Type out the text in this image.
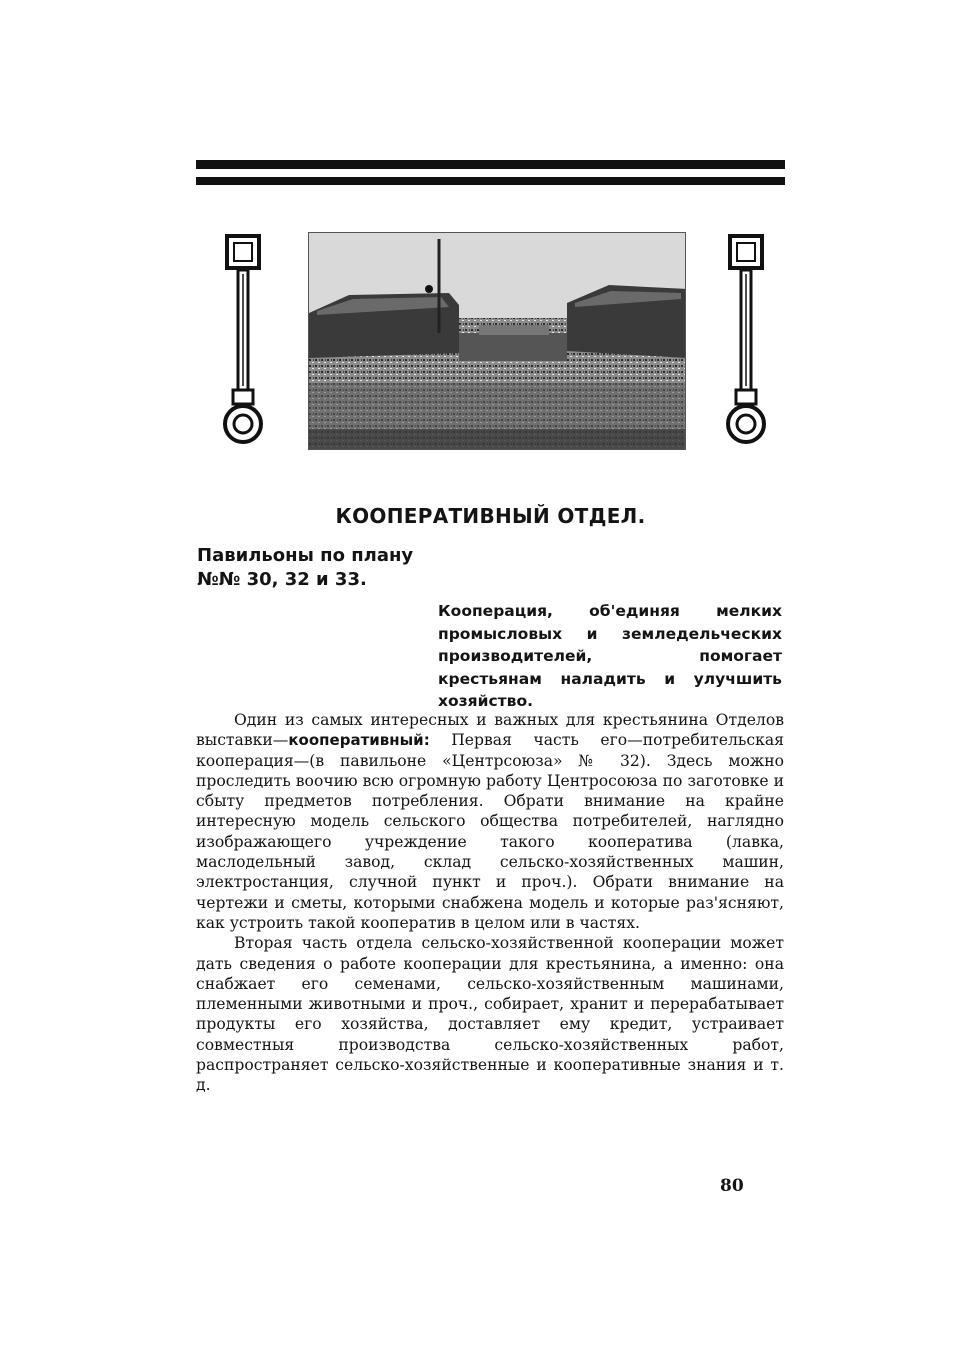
КООПЕРАТИВНЫЙ ОТДЕЛ.
Павильоны по плану
№№ 30, 32 и 33.

Кооперация, об'единяя мелких промысловых и земледельческих производителей, помогает крестьянам наладить и улучшить хозяйство.

Один из самых интересных и важных для крестьянина Отделов выставки—кооперативный: Первая часть его—потребительская кооперация—(в павильоне «Центрсоюза» № 32). Здесь можно проследить воочию всю огромную работу Центросоюза по заготовке и сбыту предметов потребления. Обрати внимание на крайне интересную модель сельского общества потребителей, наглядно изображающего учреждение такого кооператива (лавка, маслодельный завод, склад сельско-хозяйственных машин, электростанция, случной пункт и проч.). Обрати внимание на чертежи и сметы, которыми снабжена модель и которые раз'ясняют, как устроить такой кооператив в целом или в частях.

Вторая часть отдела сельско-хозяйственной кооперации может дать сведения о работе кооперации для крестьянина, а именно: она снабжает его семенами, сельско-хозяйственным машинами, племенными животными и проч., собирает, хранит и перерабатывает продукты его хозяйства, доставляет ему кредит, устраивает совместныя производства сельско-хозяйственных работ, распространяет сельско-хозяйственные и кооперативные знания и т. д.

80
